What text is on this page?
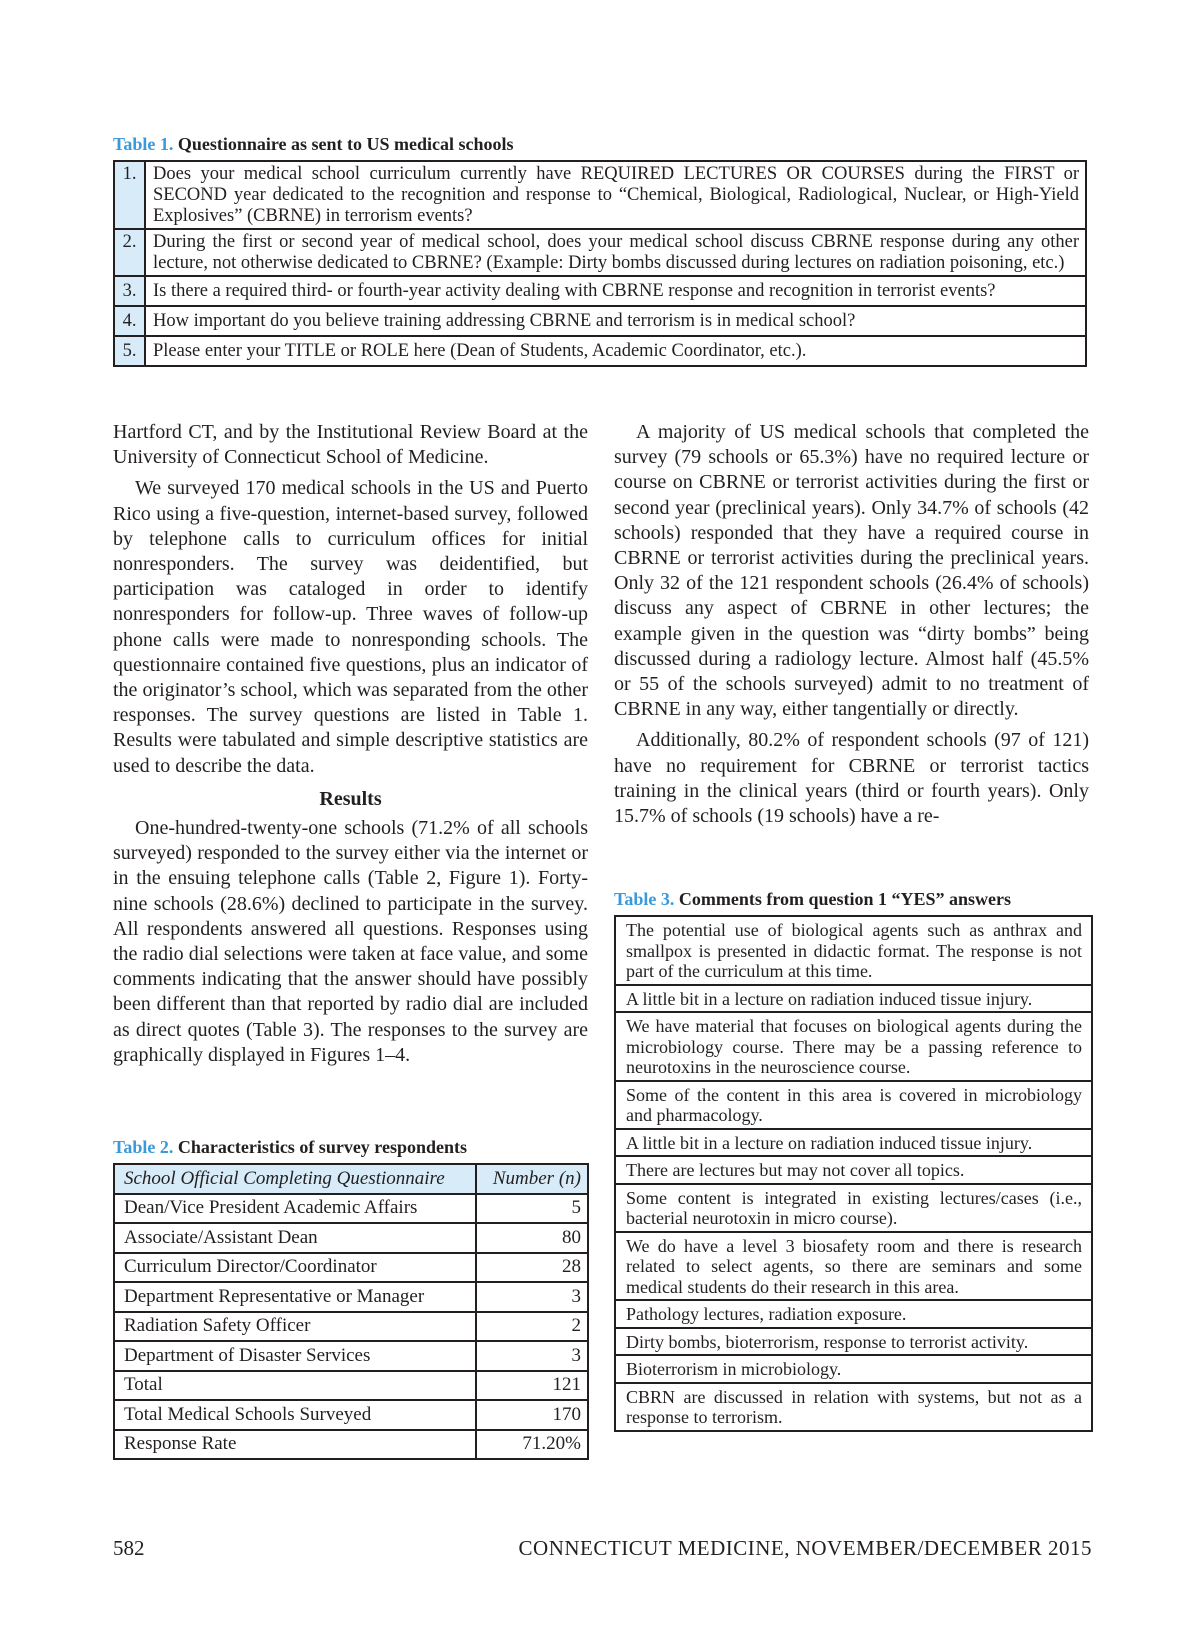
Table 1. Questionnaire as sent to US medical schools
1.	Does your medical school curriculum currently have REQUIRED LECTURES OR COURSES during the FIRST or SECOND year dedicated to the recognition and response to “Chemical, Biological, Radiological, Nuclear, or High-Yield Explosives” (CBRNE) in terrorism events?
2.	During the first or second year of medical school, does your medical school discuss CBRNE response during any other lecture, not otherwise dedicated to CBRNE? (Example: Dirty bombs discussed during lectures on radiation poisoning, etc.)
3.	Is there a required third- or fourth-year activity dealing with CBRNE response and recognition in terrorist events?
4.	How important do you believe training addressing CBRNE and terrorism is in medical school?
5.	Please enter your TITLE or ROLE here (Dean of Students, Academic Coordinator, etc.).

Hartford CT, and by the Institutional Review Board at the University of Connecticut School of Medicine.

We surveyed 170 medical schools in the US and Puerto Rico using a five-question, internet-based survey, followed by telephone calls to curriculum offices for initial nonresponders. The survey was deidentified, but participation was cataloged in order to identify nonresponders for follow-up. Three waves of follow-up phone calls were made to nonresponding schools. The questionnaire contained five questions, plus an indicator of the originator’s school, which was separated from the other responses. The survey questions are listed in Table 1. Results were tabulated and simple descriptive statistics are used to describe the data.

Results

One-hundred-twenty-one schools (71.2% of all schools surveyed) responded to the survey either via the internet or in the ensuing telephone calls (Table 2, Figure 1). Forty-nine schools (28.6%) declined to participate in the survey. All respondents answered all questions. Responses using the radio dial selections were taken at face value, and some comments indicating that the answer should have possibly been different than that reported by radio dial are included as direct quotes (Table 3). The responses to the survey are graphically displayed in Figures 1–4.

A majority of US medical schools that completed the survey (79 schools or 65.3%) have no required lecture or course on CBRNE or terrorist activities during the first or second year (preclinical years). Only 34.7% of schools (42 schools) responded that they have a required course in CBRNE or terrorist activities during the preclinical years. Only 32 of the 121 respondent schools (26.4% of schools) discuss any aspect of CBRNE in other lectures; the example given in the question was “dirty bombs” being discussed during a radiology lecture. Almost half (45.5% or 55 of the schools surveyed) admit to no treatment of CBRNE in any way, either tangentially or directly.

Additionally, 80.2% of respondent schools (97 of 121) have no requirement for CBRNE or terrorist tactics training in the clinical years (third or fourth years). Only 15.7% of schools (19 schools) have a re-

Table 2. Characteristics of survey respondents
School Official Completing Questionnaire	Number (n)
Dean/Vice President Academic Affairs	5
Associate/Assistant Dean	80
Curriculum Director/Coordinator	28
Department Representative or Manager	3
Radiation Safety Officer	2
Department of Disaster Services	3
Total	121
Total Medical Schools Surveyed	170
Response Rate	71.20%
Table 3. Comments from question 1 “YES” answers
The potential use of biological agents such as anthrax and smallpox is presented in didactic format. The response is not part of the curriculum at this time.
A little bit in a lecture on radiation induced tissue injury.
We have material that focuses on biological agents during the microbiology course. There may be a passing reference to neurotoxins in the neuroscience course.
Some of the content in this area is covered in microbiology and pharmacology.
A little bit in a lecture on radiation induced tissue injury.
There are lectures but may not cover all topics.
Some content is integrated in existing lectures/cases (i.e., bacterial neurotoxin in micro course).
We do have a level 3 biosafety room and there is research related to select agents, so there are seminars and some medical students do their research in this area.
Pathology lectures, radiation exposure.
Dirty bombs, bioterrorism, response to terrorist activity.
Bioterrorism in microbiology.
CBRN are discussed in relation with systems, but not as a response to terrorism.
582	CONNECTICUT MEDICINE, NOVEMBER/DECEMBER 2015
